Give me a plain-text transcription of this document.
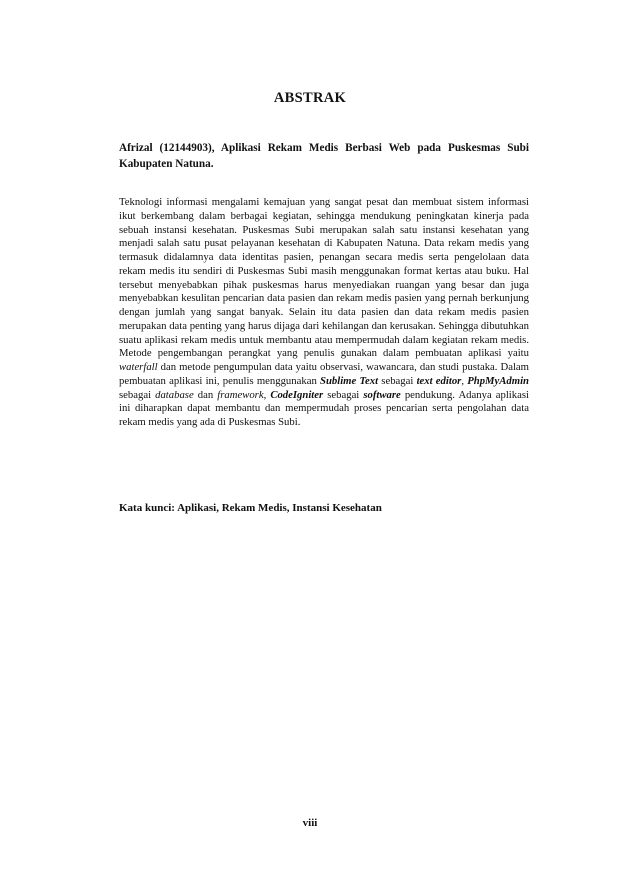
ABSTRAK

Afrizal (12144903), Aplikasi Rekam Medis Berbasi Web pada Puskesmas Subi Kabupaten Natuna.

Teknologi informasi mengalami kemajuan yang sangat pesat dan membuat sistem informasi ikut berkembang dalam berbagai kegiatan, sehingga mendukung peningkatan kinerja pada sebuah instansi kesehatan. Puskesmas Subi merupakan salah satu instansi kesehatan yang menjadi salah satu pusat pelayanan kesehatan di Kabupaten Natuna. Data rekam medis yang termasuk didalamnya data identitas pasien, penangan secara medis serta pengelolaan data rekam medis itu sendiri di Puskesmas Subi masih menggunakan format kertas atau buku. Hal tersebut menyebabkan pihak puskesmas harus menyediakan ruangan yang besar dan juga menyebabkan kesulitan pencarian data pasien dan rekam medis pasien yang pernah berkunjung dengan jumlah yang sangat banyak. Selain itu data pasien dan data rekam medis pasien merupakan data penting yang harus dijaga dari kehilangan dan kerusakan. Sehingga dibutuhkan suatu aplikasi rekam medis untuk membantu atau mempermudah dalam kegiatan rekam medis. Metode pengembangan perangkat yang penulis gunakan dalam pembuatan aplikasi yaitu waterfall dan metode pengumpulan data yaitu observasi, wawancara, dan studi pustaka. Dalam pembuatan aplikasi ini, penulis menggunakan Sublime Text sebagai text editor, PhpMyAdmin sebagai database dan framework, CodeIgniter sebagai software pendukung. Adanya aplikasi ini diharapkan dapat membantu dan mempermudah proses pencarian serta pengolahan data rekam medis yang ada di Puskesmas Subi.

Kata kunci: Aplikasi, Rekam Medis, Instansi Kesehatan

viii
